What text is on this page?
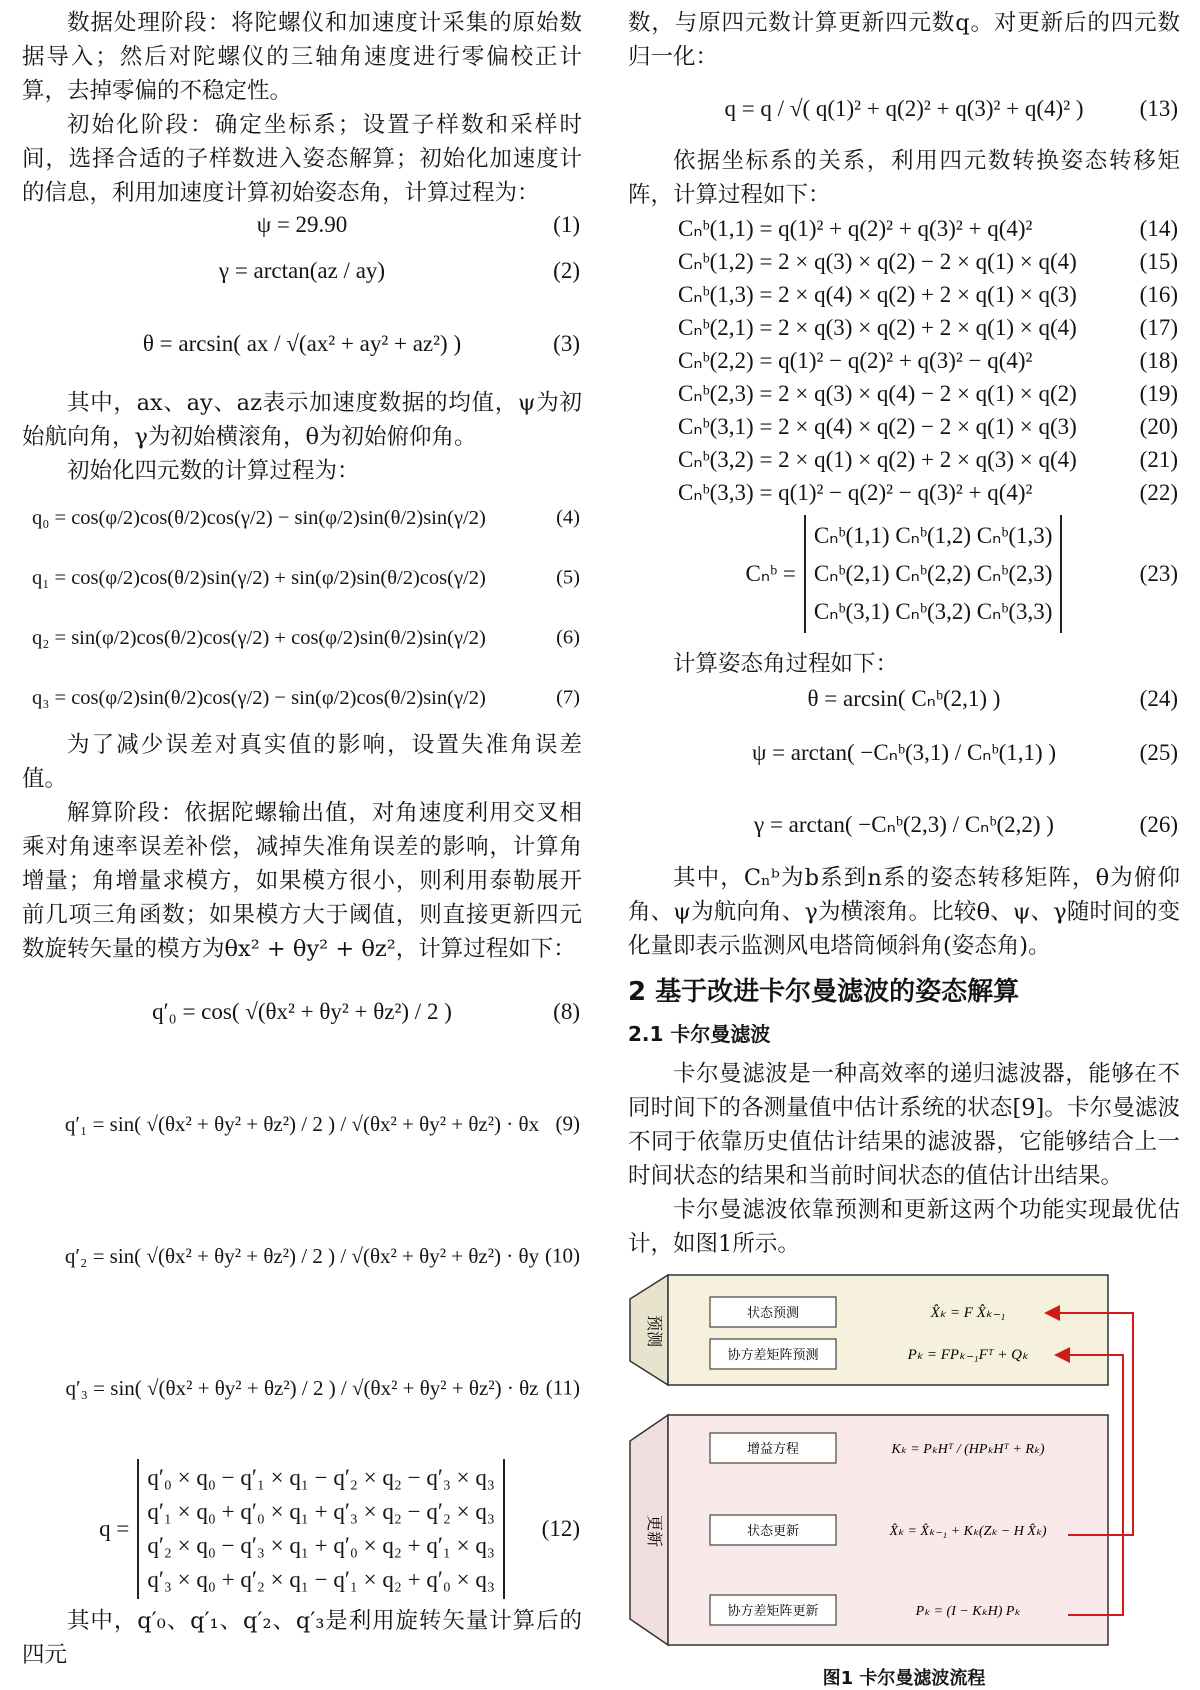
数据处理阶段：将陀螺仪和加速度计采集的原始数据导入；然后对陀螺仪的三轴角速度进行零偏校正计算，去掉零偏的不稳定性。

初始化阶段：确定坐标系；设置子样数和采样时间，选择合适的子样数进入姿态解算；初始化加速度计的信息，利用加速度计算初始姿态角，计算过程为：

ψ = 29.90	(1)
γ = arctan(az / ay)	(2)
θ = arcsin( ax / √(ax² + ay² + az²) )	(3)

其中，ax、ay、az表示加速度数据的均值，ψ为初始航向角，γ为初始横滚角，θ为初始俯仰角。

初始化四元数的计算过程为：

q₀ = cos(φ/2)cos(θ/2)cos(γ/2) − sin(φ/2)sin(θ/2)sin(γ/2)	(4)
q₁ = cos(φ/2)cos(θ/2)sin(γ/2) + sin(φ/2)sin(θ/2)cos(γ/2)	(5)
q₂ = sin(φ/2)cos(θ/2)cos(γ/2) + cos(φ/2)sin(θ/2)sin(γ/2)	(6)
q₃ = cos(φ/2)sin(θ/2)cos(γ/2) − sin(φ/2)cos(θ/2)sin(γ/2)	(7)

为了减少误差对真实值的影响，设置失准角误差值。

解算阶段：依据陀螺输出值，对角速度利用交叉相乘对角速率误差补偿，减掉失准角误差的影响，计算角增量；角增量求模方，如果模方很小，则利用泰勒展开前几项三角函数；如果模方大于阈值，则直接更新四元数旋转矢量的模方为θx² + θy² + θz²，计算过程如下：

q′₀ = cos( √(θx² + θy² + θz²) / 2 )	(8)
q′₁ = sin( √(θx² + θy² + θz²) / 2 ) / √(θx² + θy² + θz²) · θx (9)
q′₂ = sin( √(θx² + θy² + θz²) / 2 ) / √(θx² + θy² + θz²) · θy (10)
q′₃ = sin( √(θx² + θy² + θz²) / 2 ) / √(θx² + θy² + θz²) · θz (11)
q =
q′₀ × q₀ − q′₁ × q₁ − q′₂ × q₂ − q′₃ × q₃
q′₁ × q₀ + q′₀ × q₁ + q′₃ × q₂ − q′₂ × q₃
q′₂ × q₀ − q′₃ × q₁ + q′₀ × q₂ + q′₁ × q₃
q′₃ × q₀ + q′₂ × q₁ − q′₁ × q₂ + q′₀ × q₃
(12)

其中，q′₀、q′₁、q′₂、q′₃是利用旋转矢量计算后的四元

数，与原四元数计算更新四元数q。对更新后的四元数归一化：

q = q / √( q(1)² + q(2)² + q(3)² + q(4)² ) (13)

依据坐标系的关系，利用四元数转换姿态转移矩阵，计算过程如下：

Cₙᵇ(1,1) = q(1)² + q(2)² + q(3)² + q(4)²	(14)
Cₙᵇ(1,2) = 2 × q(3) × q(2) − 2 × q(1) × q(4)	(15)
Cₙᵇ(1,3) = 2 × q(4) × q(2) + 2 × q(1) × q(3)	(16)
Cₙᵇ(2,1) = 2 × q(3) × q(2) + 2 × q(1) × q(4)	(17)
Cₙᵇ(2,2) = q(1)² − q(2)² + q(3)² − q(4)²	(18)
Cₙᵇ(2,3) = 2 × q(3) × q(4) − 2 × q(1) × q(2)	(19)
Cₙᵇ(3,1) = 2 × q(4) × q(2) − 2 × q(1) × q(3)	(20)
Cₙᵇ(3,2) = 2 × q(1) × q(2) + 2 × q(3) × q(4)	(21)
Cₙᵇ(3,3) = q(1)² − q(2)² − q(3)² + q(4)²	(22)
Cₙᵇ =
Cₙᵇ(1,1) Cₙᵇ(1,2) Cₙᵇ(1,3)
Cₙᵇ(2,1) Cₙᵇ(2,2) Cₙᵇ(2,3)
Cₙᵇ(3,1) Cₙᵇ(3,2) Cₙᵇ(3,3)
(23)

计算姿态角过程如下：

θ = arcsin( Cₙᵇ(2,1) )	(24)
ψ = arctan( −Cₙᵇ(3,1) / Cₙᵇ(1,1) )	(25)
γ = arctan( −Cₙᵇ(2,3) / Cₙᵇ(2,2) )	(26)

其中，Cₙᵇ为b系到n系的姿态转移矩阵，θ为俯仰角、ψ为航向角、γ为横滚角。比较θ、ψ、γ随时间的变化量即表示监测风电塔筒倾斜角(姿态角)。

2 基于改进卡尔曼滤波的姿态解算
2.1 卡尔曼滤波

卡尔曼滤波是一种高效率的递归滤波器，能够在不同时间下的各测量值中估计系统的状态[9]。卡尔曼滤波不同于依靠历史值估计结果的滤波器，它能够结合上一时间状态的结果和当前时间状态的值估计出结果。

卡尔曼滤波依靠预测和更新这两个功能实现最优估计，如图1所示。

预测
状态预测
协方差矩阵预测
X̂ₖ = F X̂ₖ₋₁
Pₖ = FPₖ₋₁Fᵀ + Qₖ
更新
增益方程
状态更新
协方差矩阵更新
Kₖ = PₖHᵀ / (HPₖHᵀ + Rₖ)
X̂ₖ = X̂ₖ₋₁ + Kₖ(Zₖ − H X̂ₖ)
Pₖ = (I − KₖH) Pₖ
图1 卡尔曼滤波流程
